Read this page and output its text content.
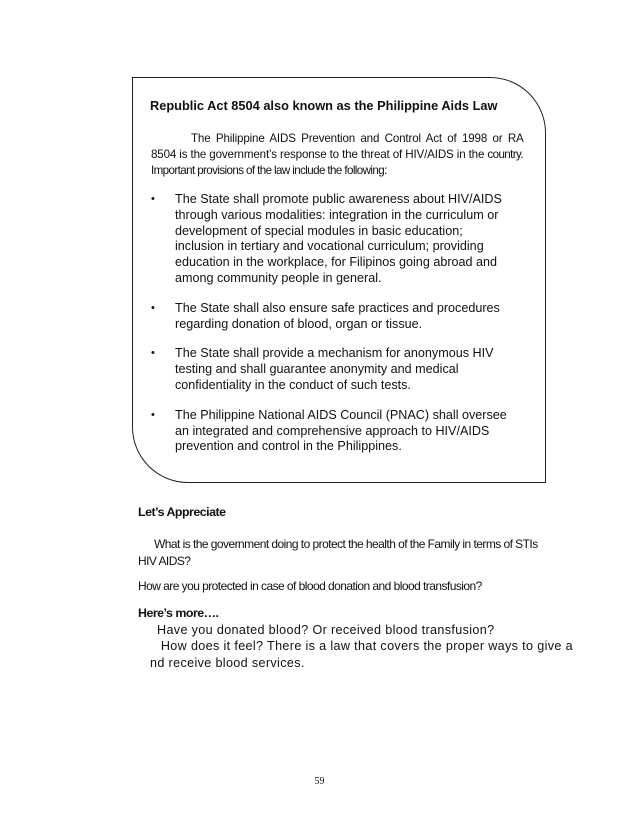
Republic Act 8504 also known as the Philippine Aids Law
The Philippine AIDS Prevention and Control Act of 1998 or RA 8504 is the government’s response to the threat of HIV/AIDS in the country. Important provisions of the law include the following:
•	The State shall promote public awareness about HIV/AIDS
through various modalities: integration in the curriculum or
development of special modules in basic education;
inclusion in tertiary and vocational curriculum; providing
education in the workplace, for Filipinos going abroad and
among community people in general.
•	The State shall also ensure safe practices and procedures
regarding donation of blood, organ or tissue.
•	The State shall provide a mechanism for anonymous HIV
testing and shall guarantee anonymity and medical
confidentiality in the conduct of such tests.
•	The Philippine National AIDS Council (PNAC) shall oversee
an integrated and comprehensive approach to HIV/AIDS
prevention and control in the Philippines.
Let’s Appreciate
What is the government doing to protect the health of the Family in terms of STIs
HIV AIDS?
How are you protected in case of blood donation and blood transfusion?
Here’s more….
Have you donated blood? Or received blood transfusion?
How does it feel? There is a law that covers the proper ways to give a
nd receive blood services.
59
